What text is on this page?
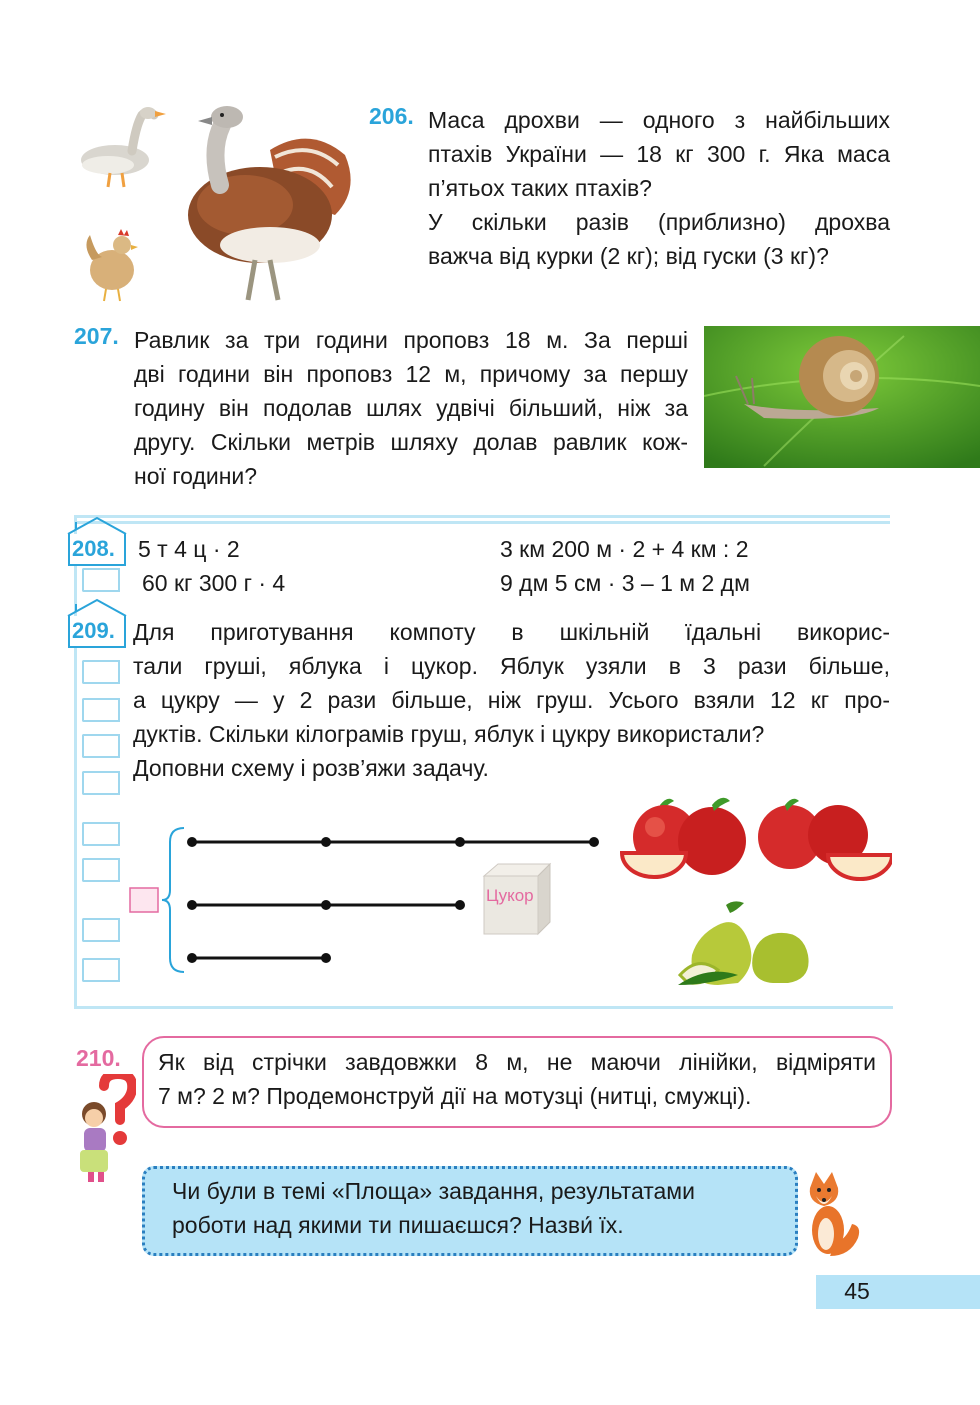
206. Маса дрохви — одного з найбільших
птахів України — 18 кг 300 г. Яка маса
п’ятьох таких птахів?
У скільки разів (приблизно) дрохва
важча від курки (2 кг); від гуски (3 кг)?
207. Равлик за три години проповз 18 м. За перші
дві години він проповз 12 м, причому за першу
годину він подолав шлях удвічі більший, ніж за
другу. Скільки метрів шляху долав равлик кож-
ної години?
208. 5 т 4 ц · 2
60 кг 300 г · 4
3 км 200 м · 2 + 4 км : 2
9 дм 5 см · 3 – 1 м 2 дм
209. Для приготування компоту в шкільній їдальні викорис-
тали груші, яблука і цукор. Яблук узяли в 3 рази більше,
а цукру — у 2 рази більше, ніж груш. Усього взяли 12 кг про-
дуктів. Скільки кілограмів груш, яблук і цукру використали?
Доповни схему і розв’яжи задачу.
Цукор
210. Як від стрічки завдовжки 8 м, не маючи лінійки, відміряти
7 м? 2 м? Продемонструй дії на мотузці (нитці, смужці).
Чи були в темі «Площа» завдання, результатами
роботи над якими ти пишаєшся? Назви́ їх.
45
